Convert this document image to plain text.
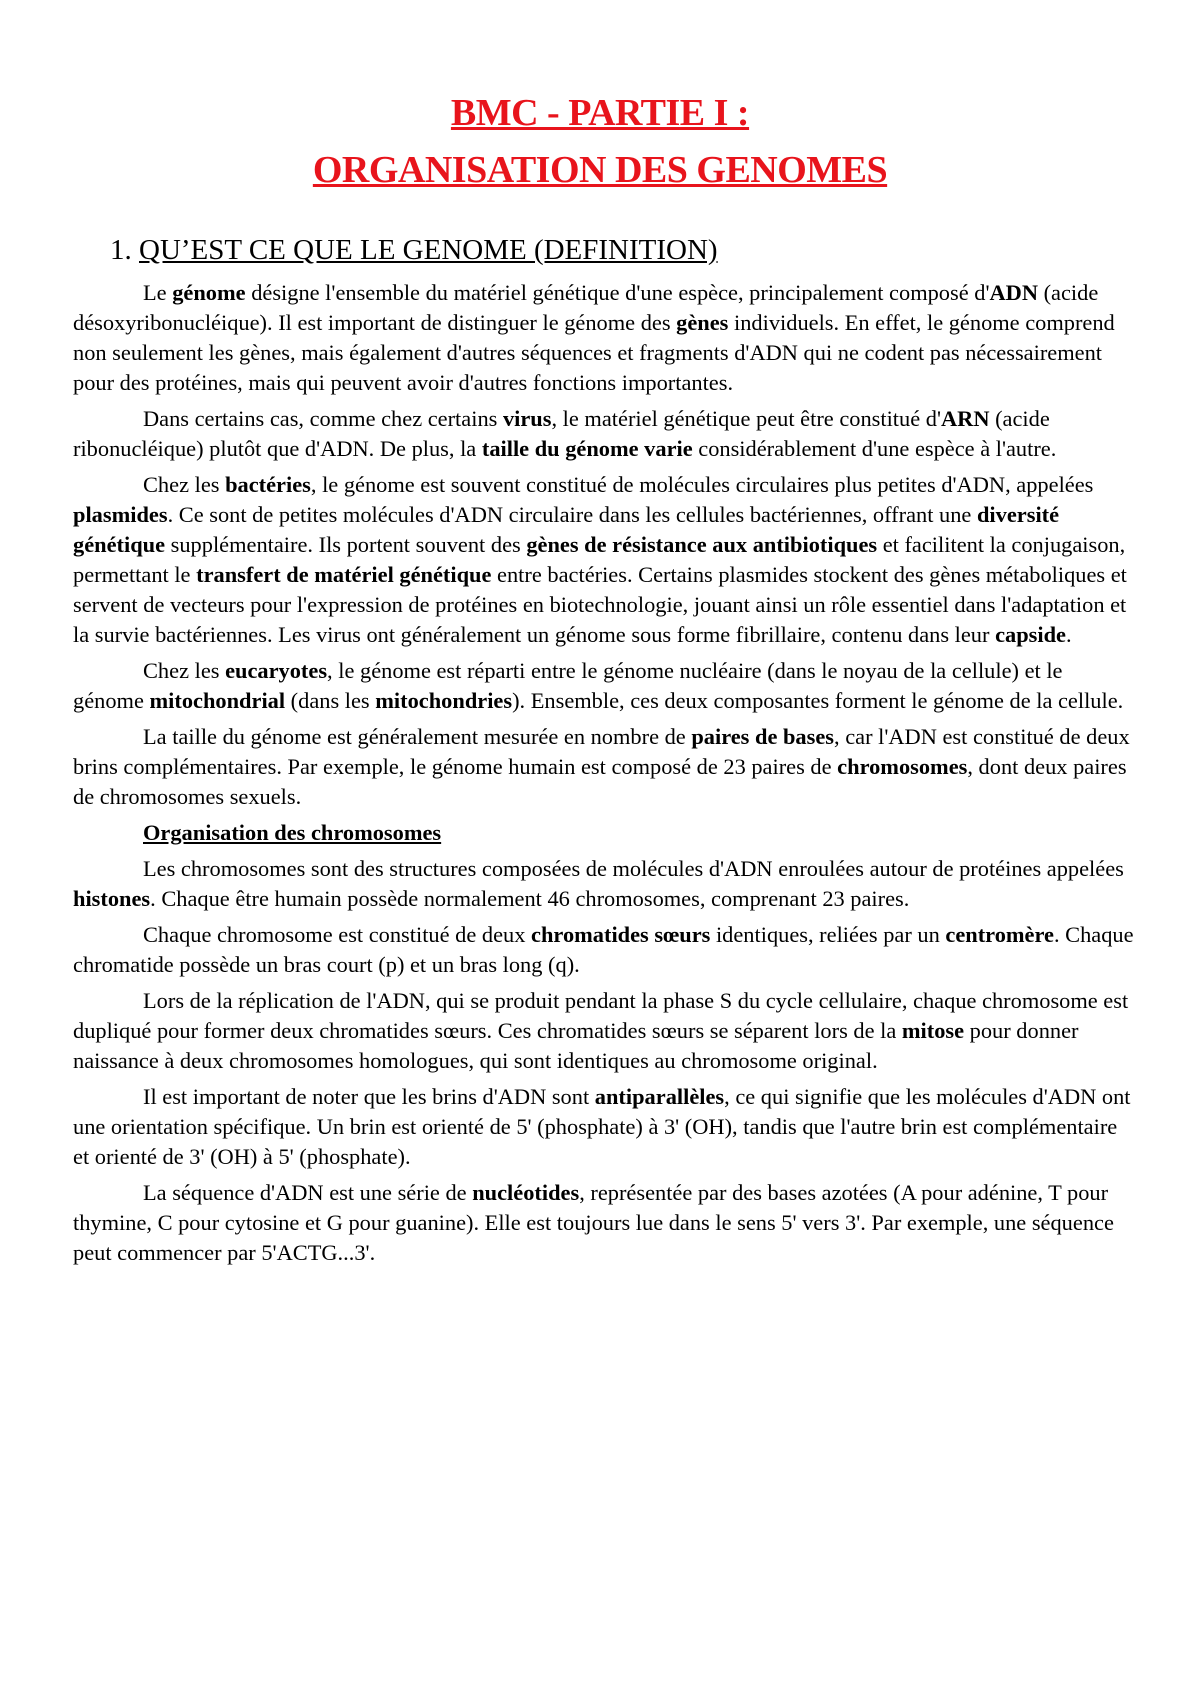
BMC - PARTIE I :
ORGANISATION DES GENOMES
1. QU’EST CE QUE LE GENOME (DEFINITION)

Le génome désigne l'ensemble du matériel génétique d'une espèce, principalement composé d'ADN (acide désoxyribonucléique). Il est important de distinguer le génome des gènes individuels. En effet, le génome comprend non seulement les gènes, mais également d'autres séquences et fragments d'ADN qui ne codent pas nécessairement pour des protéines, mais qui peuvent avoir d'autres fonctions importantes.

Dans certains cas, comme chez certains virus, le matériel génétique peut être constitué d'ARN (acide ribonucléique) plutôt que d'ADN. De plus, la taille du génome varie considérablement d'une espèce à l'autre.

Chez les bactéries, le génome est souvent constitué de molécules circulaires plus petites d'ADN, appelées plasmides. Ce sont de petites molécules d'ADN circulaire dans les cellules bactériennes, offrant une diversité génétique supplémentaire. Ils portent souvent des gènes de résistance aux antibiotiques et facilitent la conjugaison, permettant le transfert de matériel génétique entre bactéries. Certains plasmides stockent des gènes métaboliques et servent de vecteurs pour l'expression de protéines en biotechnologie, jouant ainsi un rôle essentiel dans l'adaptation et la survie bactériennes. Les virus ont généralement un génome sous forme fibrillaire, contenu dans leur capside.

Chez les eucaryotes, le génome est réparti entre le génome nucléaire (dans le noyau de la cellule) et le génome mitochondrial (dans les mitochondries). Ensemble, ces deux composantes forment le génome de la cellule.

La taille du génome est généralement mesurée en nombre de paires de bases, car l'ADN est constitué de deux brins complémentaires. Par exemple, le génome humain est composé de 23 paires de chromosomes, dont deux paires de chromosomes sexuels.

Organisation des chromosomes

Les chromosomes sont des structures composées de molécules d'ADN enroulées autour de protéines appelées histones. Chaque être humain possède normalement 46 chromosomes, comprenant 23 paires.

Chaque chromosome est constitué de deux chromatides sœurs identiques, reliées par un centromère. Chaque chromatide possède un bras court (p) et un bras long (q).

Lors de la réplication de l'ADN, qui se produit pendant la phase S du cycle cellulaire, chaque chromosome est dupliqué pour former deux chromatides sœurs. Ces chromatides sœurs se séparent lors de la mitose pour donner naissance à deux chromosomes homologues, qui sont identiques au chromosome original.

Il est important de noter que les brins d'ADN sont antiparallèles, ce qui signifie que les molécules d'ADN ont une orientation spécifique. Un brin est orienté de 5' (phosphate) à 3' (OH), tandis que l'autre brin est complémentaire et orienté de 3' (OH) à 5' (phosphate).

La séquence d'ADN est une série de nucléotides, représentée par des bases azotées (A pour adénine, T pour thymine, C pour cytosine et G pour guanine). Elle est toujours lue dans le sens 5' vers 3'. Par exemple, une séquence peut commencer par 5'ACTG...3'.
